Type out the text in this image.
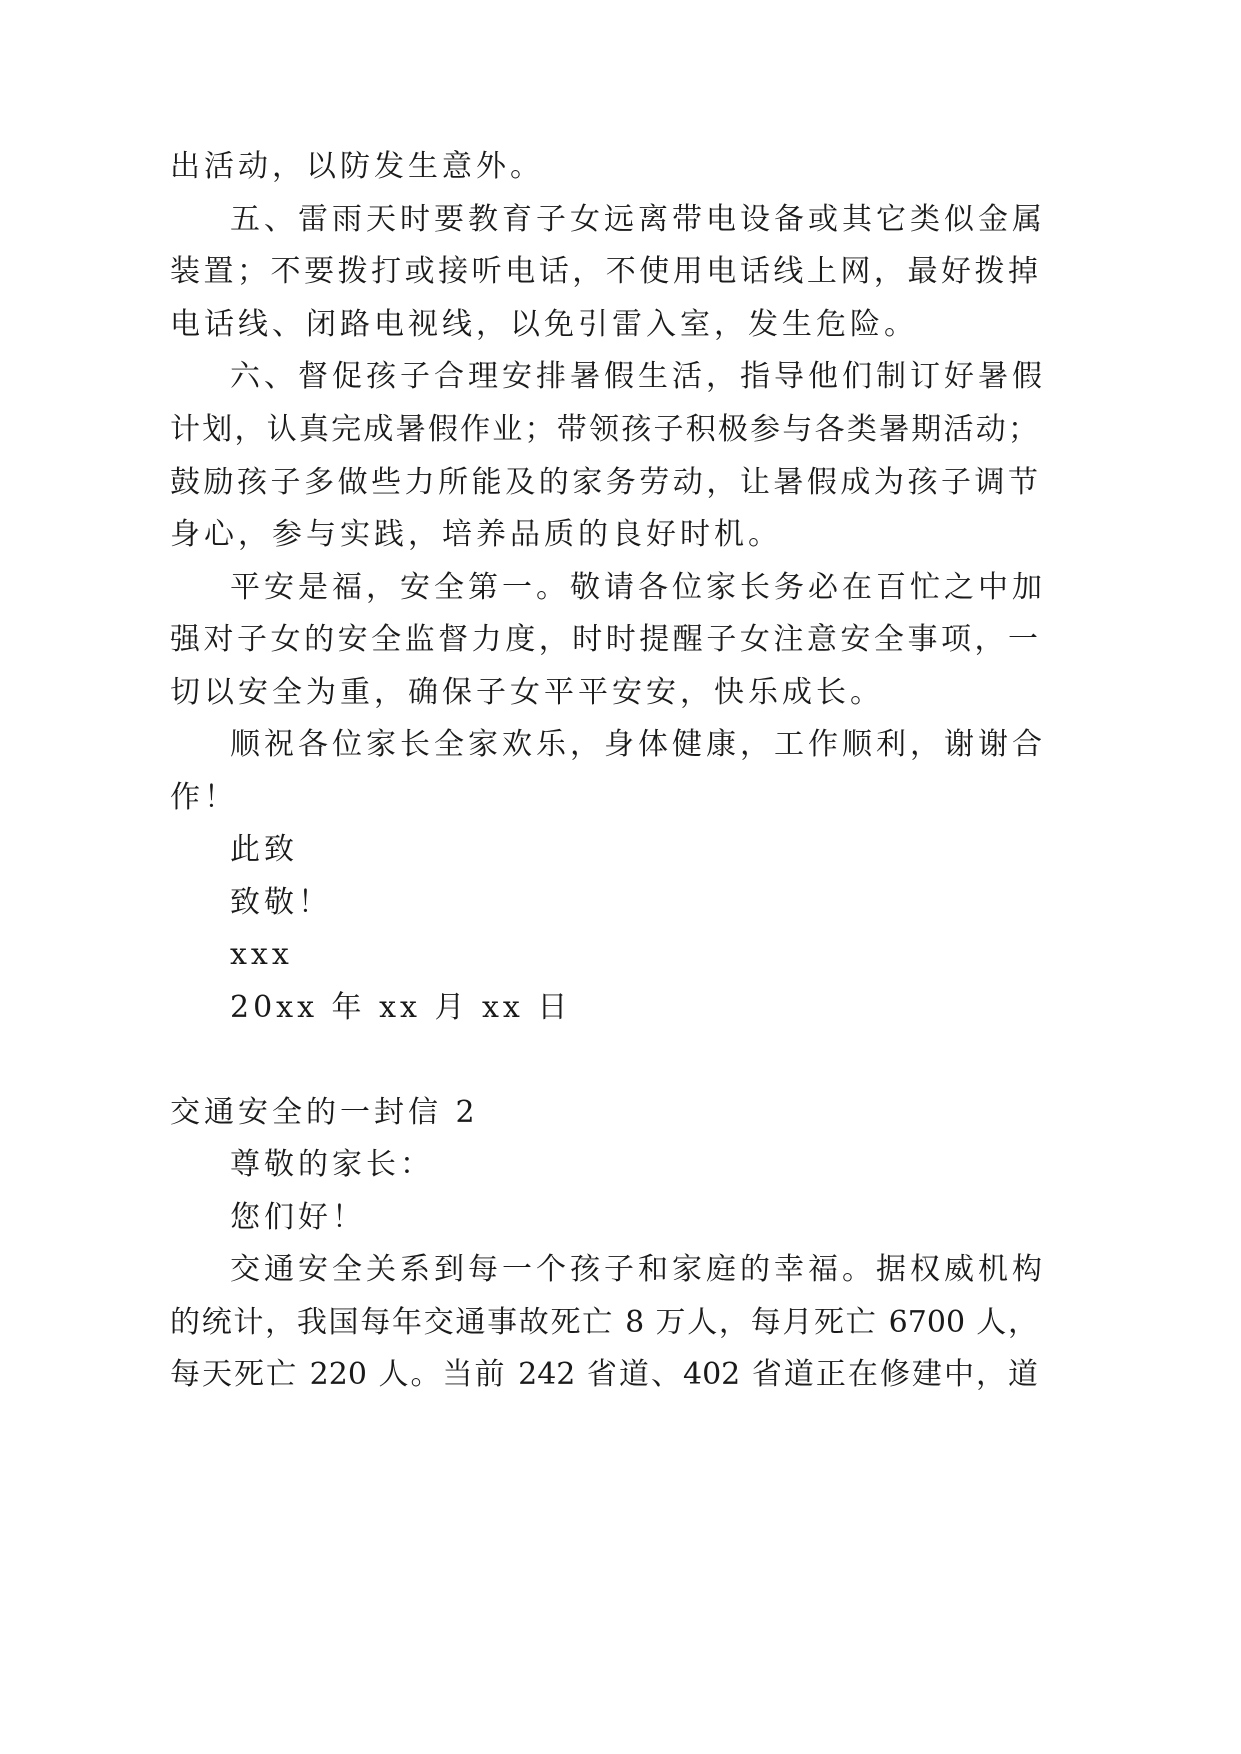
出活动，以防发生意外。
五、雷雨天时要教育子女远离带电设备或其它类似金属
装置；不要拨打或接听电话，不使用电话线上网，最好拨掉
电话线、闭路电视线，以免引雷入室，发生危险。
六、督促孩子合理安排暑假生活，指导他们制订好暑假
计划，认真完成暑假作业；带领孩子积极参与各类暑期活动；
鼓励孩子多做些力所能及的家务劳动，让暑假成为孩子调节
身心，参与实践，培养品质的良好时机。
平安是福，安全第一。敬请各位家长务必在百忙之中加
强对子女的安全监督力度，时时提醒子女注意安全事项，一
切以安全为重，确保子女平平安安，快乐成长。
顺祝各位家长全家欢乐，身体健康，工作顺利，谢谢合
作！
此致
致敬！
xxx
20xx 年 xx 月 xx 日
交通安全的一封信 2
尊敬的家长：
您们好！
交通安全关系到每一个孩子和家庭的幸福。据权威机构
的统计，我国每年交通事故死亡 8 万人，每月死亡 6700 人，
每天死亡 220 人。当前 242 省道、402 省道正在修建中，道
